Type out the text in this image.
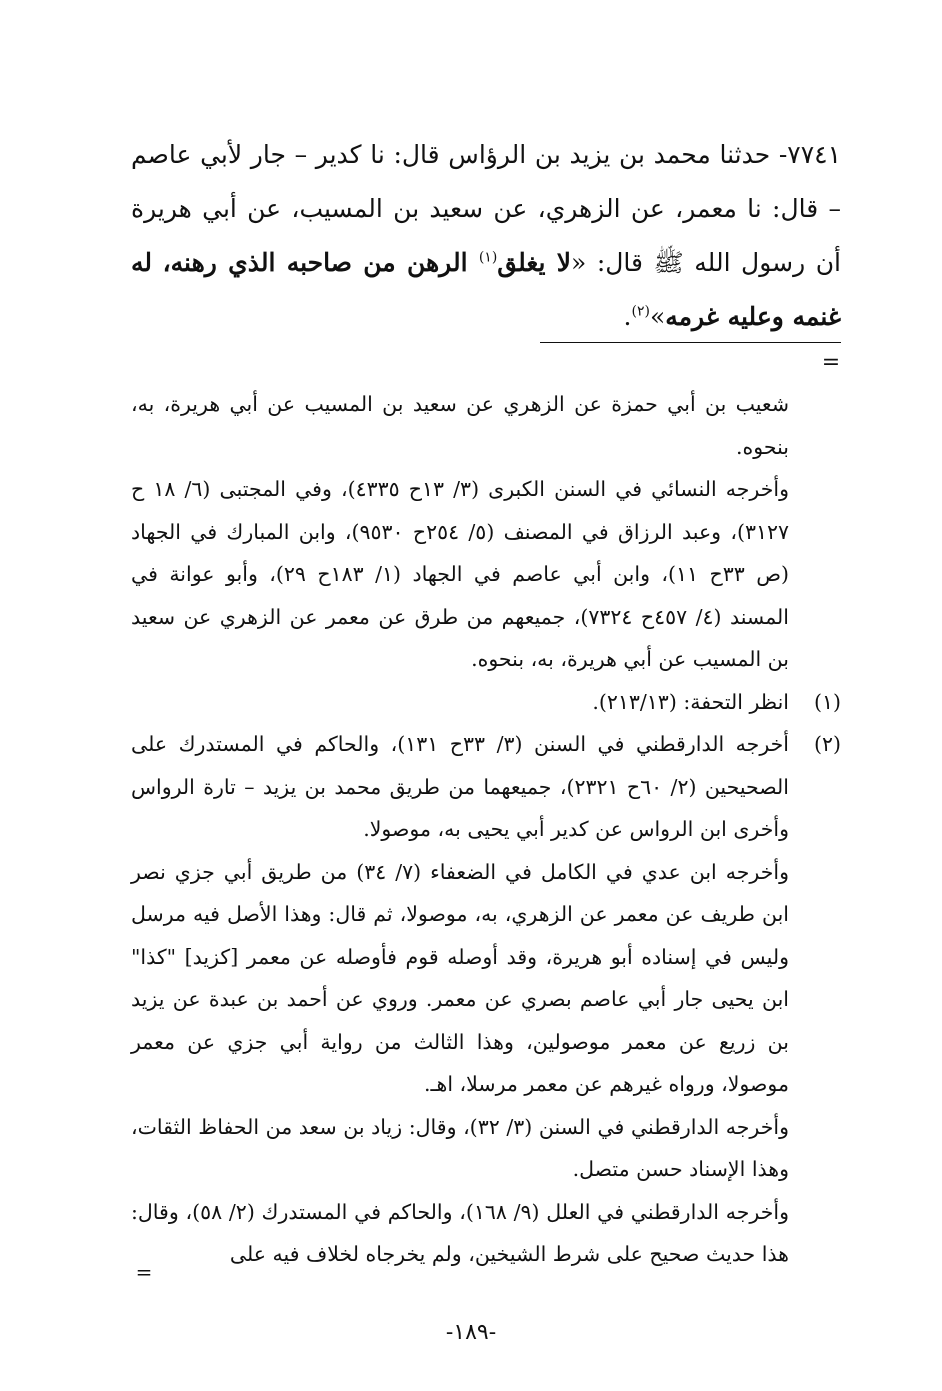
٧٧٤١- حدثنا محمد بن يزيد بن الرؤاس قال: نا كدير – جار لأبي عاصم – قال: نا معمر، عن الزهري، عن سعيد بن المسيب، عن أبي هريرة أن رسول الله ﷺ قال: «لا يغلق$^{(١)}$ الرهن من صاحبه الذي رهنه، له غنمه وعليه غرمه»$^{(٢)}$.
=
شعيب بن أبي حمزة عن الزهري عن سعيد بن المسيب عن أبي هريرة، به، بنحوه.
وأخرجه النسائي في السنن الكبرى (٣/ ١٣ح ٤٣٣٥)، وفي المجتبى (٦/ ١٨ ح ٣١٢٧)، وعبد الرزاق في المصنف (٥/ ٢٥٤ح ٩٥٣٠)، وابن المبارك في الجهاد (ص ٣٣ح ١١)، وابن أبي عاصم في الجهاد (١/ ١٨٣ح ٢٩)، وأبو عوانة في المسند (٤/ ٤٥٧ح ٧٣٢٤)، جميعهم من طرق عن معمر عن الزهري عن سعيد بن المسيب عن أبي هريرة، به، بنحوه.
(١)
انظر التحفة: (٢١٣/١٣).
(٢)
أخرجه الدارقطني في السنن (٣/ ٣٣ح ١٣١)، والحاكم في المستدرك على الصحيحين (٢/ ٦٠ح ٢٣٢١)، جميعهما من طريق محمد بن يزيد – تارة الرواس وأخرى ابن الرواس عن كدير أبي يحيى به، موصولا.
وأخرجه ابن عدي في الكامل في الضعفاء (٧/ ٣٤) من طريق أبي جزي نصر ابن طريف عن معمر عن الزهري، به، موصولا، ثم قال: وهذا الأصل فيه مرسل وليس في إسناده أبو هريرة، وقد أوصله قوم فأوصله عن معمر [كزيد] "كذا" ابن يحيى جار أبي عاصم بصري عن معمر. وروي عن أحمد بن عبدة عن يزيد بن زريع عن معمر موصولين، وهذا الثالث من رواية أبي جزي عن معمر موصولا، ورواه غيرهم عن معمر مرسلا، اهـ.
وأخرجه الدارقطني في السنن (٣/ ٣٢)، وقال: زياد بن سعد من الحفاظ الثقات، وهذا الإسناد حسن متصل.
وأخرجه الدارقطني في العلل (٩/ ١٦٨)، والحاكم في المستدرك (٢/ ٥٨)، وقال: هذا حديث صحيح على شرط الشيخين، ولم يخرجاه لخلاف فيه على
=
-١٨٩-
